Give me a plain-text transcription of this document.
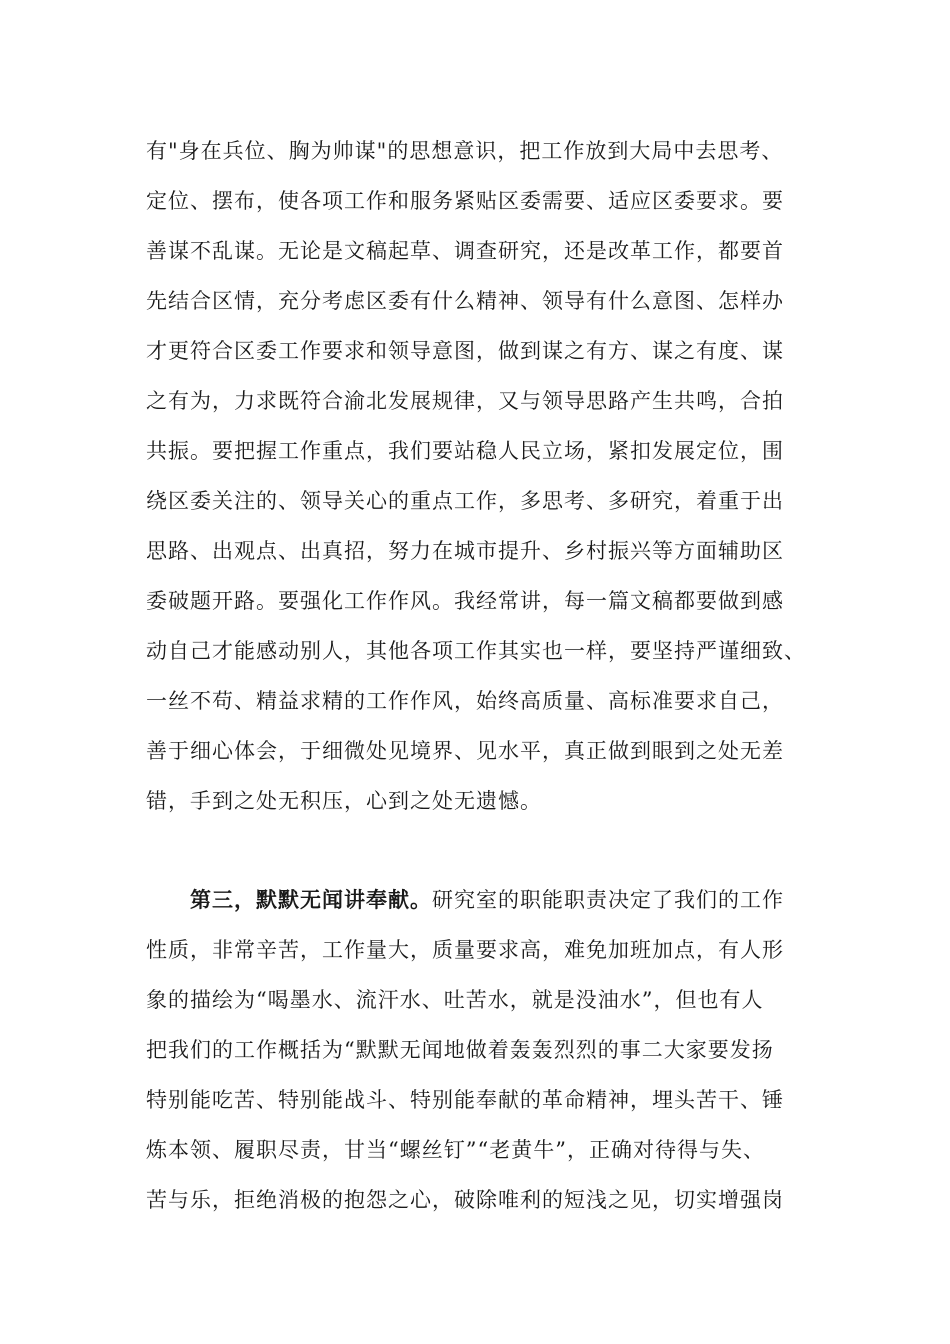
有"身在兵位、胸为帅谋"的思想意识，把工作放到大局中去思考、
定位、摆布，使各项工作和服务紧贴区委需要、适应区委要求。要
善谋不乱谋。无论是文稿起草、调查研究，还是改革工作，都要首
先结合区情，充分考虑区委有什么精神、领导有什么意图、怎样办
才更符合区委工作要求和领导意图，做到谋之有方、谋之有度、谋
之有为，力求既符合渝北发展规律，又与领导思路产生共鸣，合拍
共振。要把握工作重点，我们要站稳人民立场，紧扣发展定位，围
绕区委关注的、领导关心的重点工作，多思考、多研究，着重于出
思路、出观点、出真招，努力在城市提升、乡村振兴等方面辅助区
委破题开路。要强化工作作风。我经常讲，每一篇文稿都要做到感
动自己才能感动别人，其他各项工作其实也一样，要坚持严谨细致、
一丝不苟、精益求精的工作作风，始终高质量、高标准要求自己，
善于细心体会，于细微处见境界、见水平，真正做到眼到之处无差
错，手到之处无积压，心到之处无遗憾。
第三，默默无闻讲奉献。研究室的职能职责决定了我们的工作
性质，非常辛苦，工作量大，质量要求高，难免加班加点，有人形
象的描绘为“喝墨水、流汗水、吐苦水，就是没油水”，但也有人
把我们的工作概括为“默默无闻地做着轰轰烈烈的事二大家要发扬
特别能吃苦、特别能战斗、特别能奉献的革命精神，埋头苦干、锤
炼本领、履职尽责，甘当“螺丝钉”“老黄牛”，正确对待得与失、
苦与乐，拒绝消极的抱怨之心，破除唯利的短浅之见，切实增强岗
